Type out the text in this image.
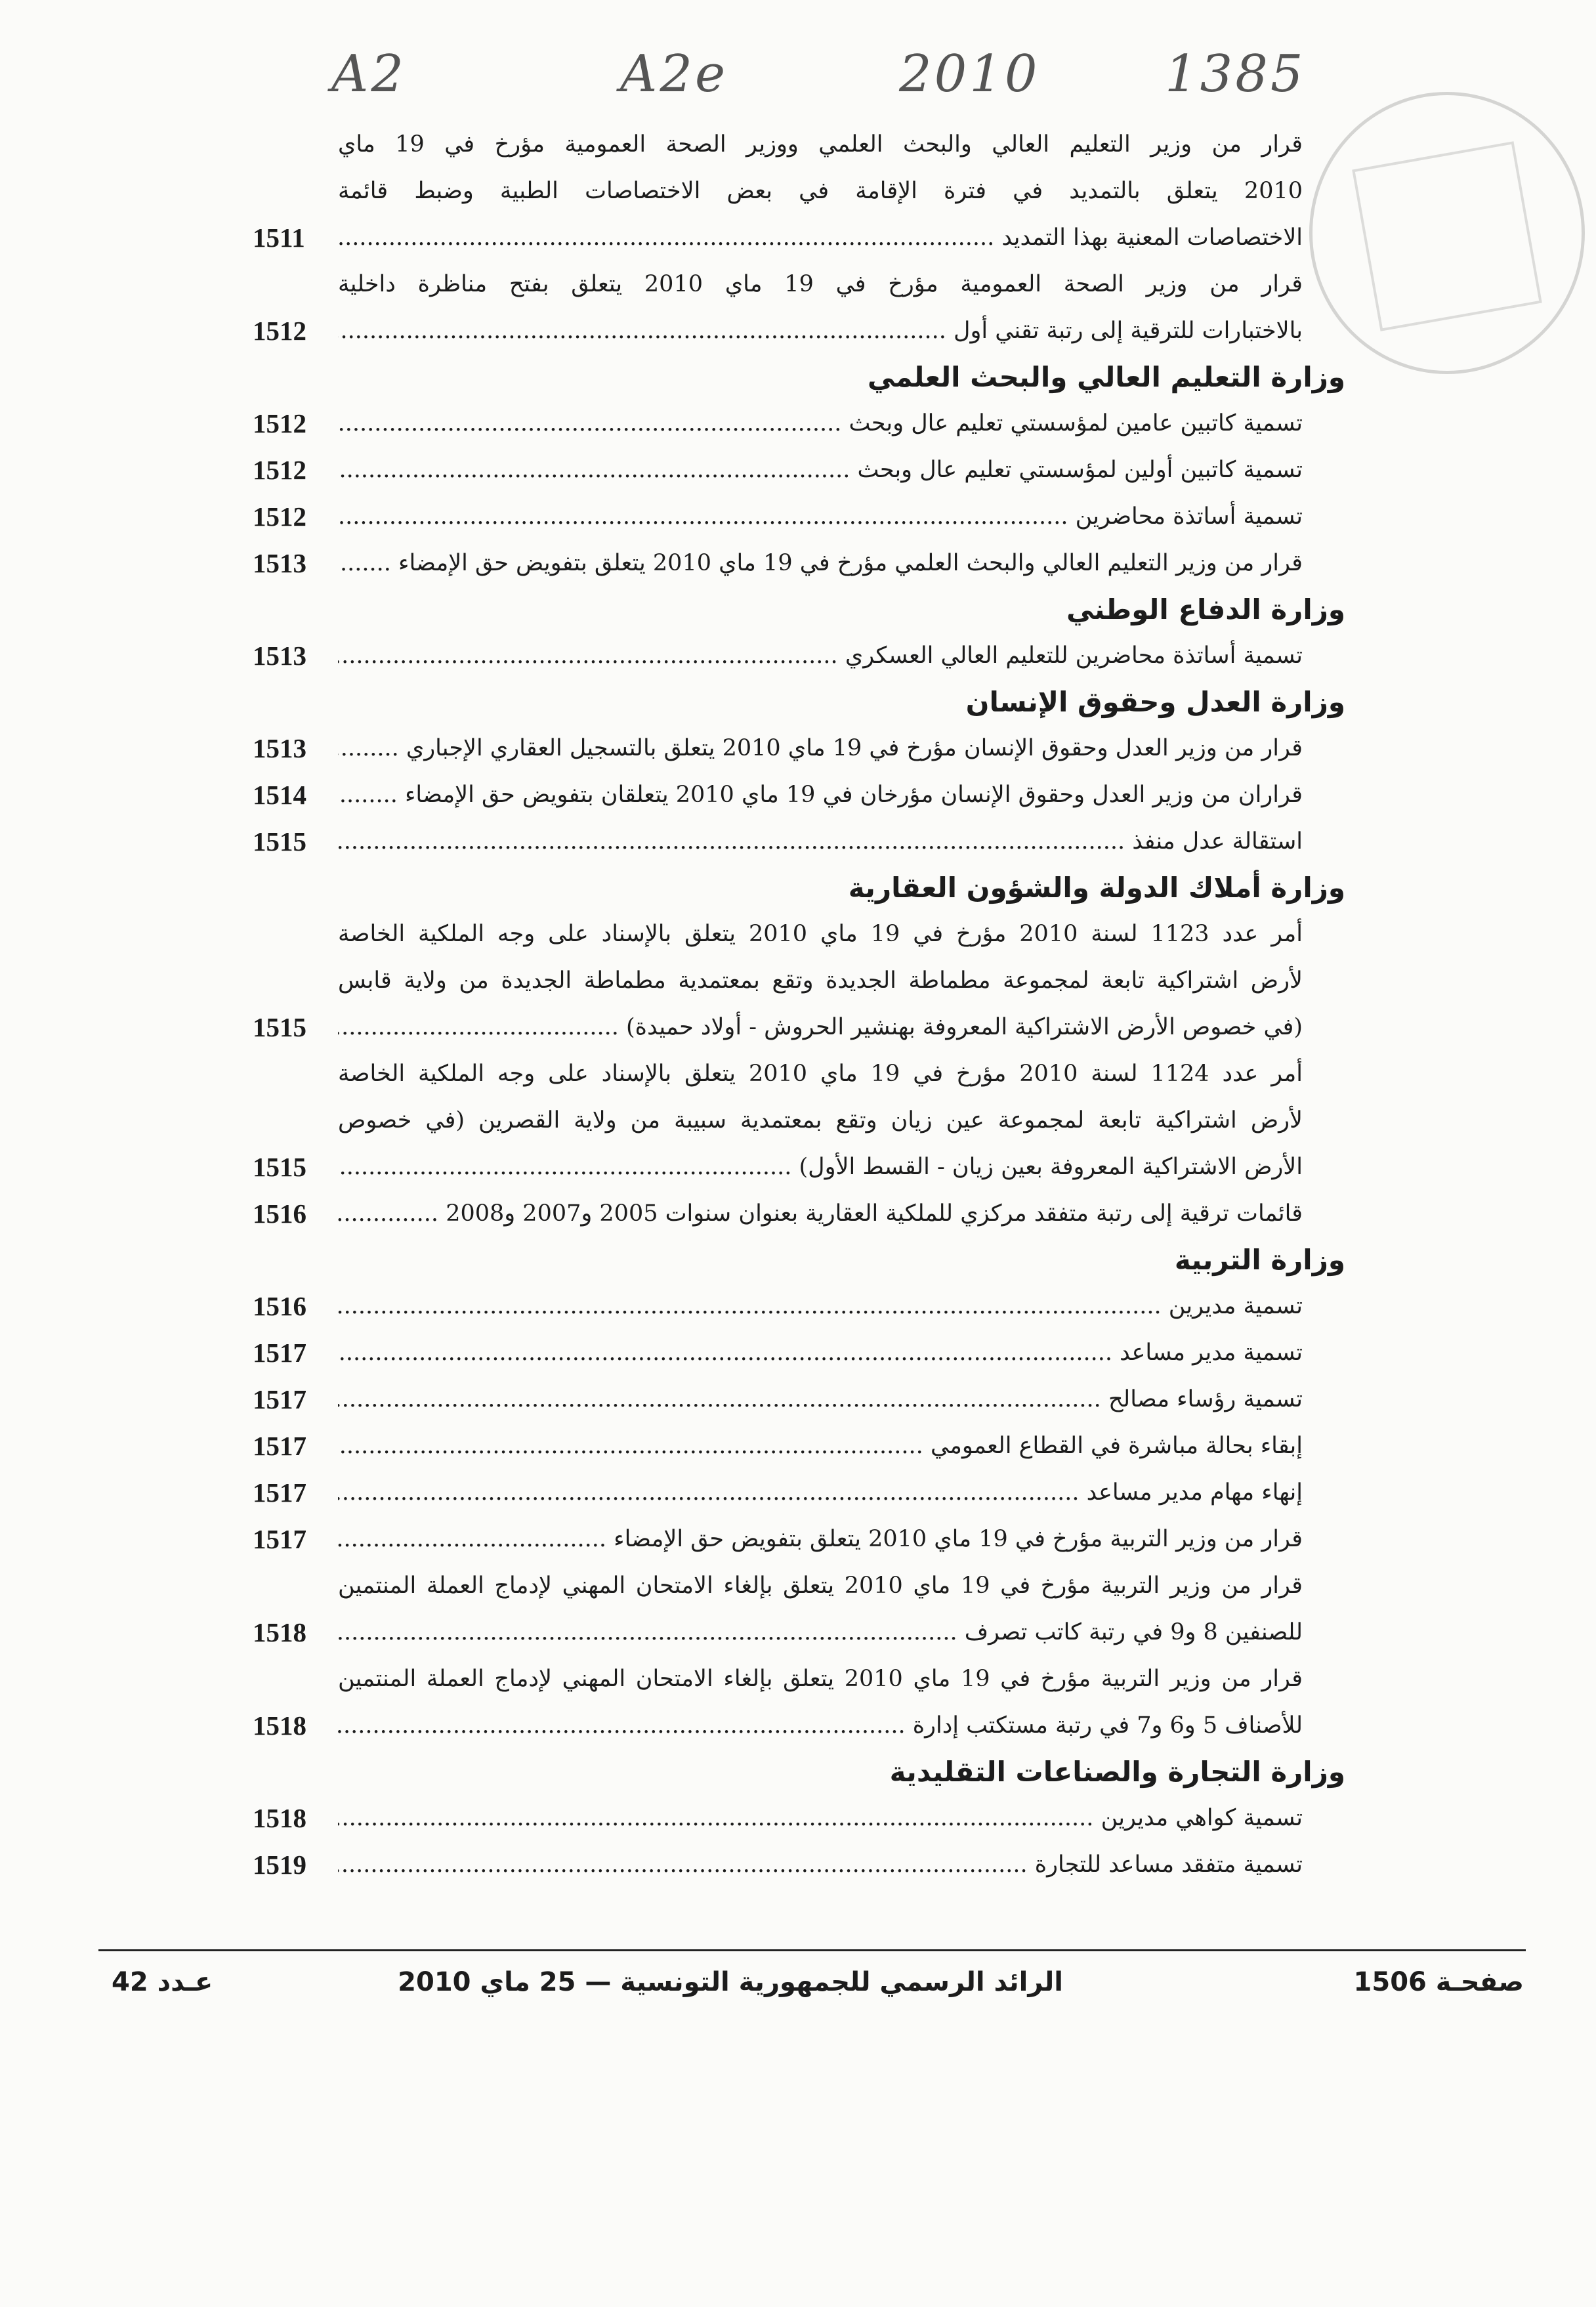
A2	A2e	2010 1385
1511
قرار من وزير التعليم العالي والبحث العلمي ووزير الصحة العمومية مؤرخ في 19 ماي
2010 يتعلق بالتمديد في فترة الإقامة في بعض الاختصاصات الطبية وضبط قائمة
الاختصاصات المعنية بهذا التمديد .....
1512
قرار من وزير الصحة العمومية مؤرخ في 19 ماي 2010 يتعلق بفتح مناظرة داخلية
بالاختبارات للترقية إلى رتبة تقني أول .....
وزارة التعليم العالي والبحث العلمي
1512	تسمية كاتبين عامين لمؤسستي تعليم عال وبحث .....
1512	تسمية كاتبين أولين لمؤسستي تعليم عال وبحث .....
1512	تسمية أساتذة محاضرين .....
1513	قرار من وزير التعليم العالي والبحث العلمي مؤرخ في 19 ماي 2010 يتعلق بتفويض حق الإمضاء .....
وزارة الدفاع الوطني
1513	تسمية أساتذة محاضرين للتعليم العالي العسكري .....
وزارة العدل وحقوق الإنسان
1513	قرار من وزير العدل وحقوق الإنسان مؤرخ في 19 ماي 2010 يتعلق بالتسجيل العقاري الإجباري .....
1514	قراران من وزير العدل وحقوق الإنسان مؤرخان في 19 ماي 2010 يتعلقان بتفويض حق الإمضاء .....
1515	استقالة عدل منفذ .....
وزارة أملاك الدولة والشؤون العقارية
1515
أمر عدد 1123 لسنة 2010 مؤرخ في 19 ماي 2010 يتعلق بالإسناد على وجه الملكية الخاصة
لأرض اشتراكية تابعة لمجموعة مطماطة الجديدة وتقع بمعتمدية مطماطة الجديدة من ولاية قابس
(في خصوص الأرض الاشتراكية المعروفة بهنشير الحروش - أولاد حميدة) .....
1515
أمر عدد 1124 لسنة 2010 مؤرخ في 19 ماي 2010 يتعلق بالإسناد على وجه الملكية الخاصة
لأرض اشتراكية تابعة لمجموعة عين زيان وتقع بمعتمدية سبيبة من ولاية القصرين (في خصوص
الأرض الاشتراكية المعروفة بعين زيان - القسط الأول) .....
1516	قائمات ترقية إلى رتبة متفقد مركزي للملكية العقارية بعنوان سنوات 2005 و2007 و2008 .....
وزارة التربية
1516	تسمية مديرين .....
1517	تسمية مدير مساعد .....
1517	تسمية رؤساء مصالح .....
1517	إبقاء بحالة مباشرة في القطاع العمومي .....
1517	إنهاء مهام مدير مساعد .....
1517	قرار من وزير التربية مؤرخ في 19 ماي 2010 يتعلق بتفويض حق الإمضاء .....
1518
قرار من وزير التربية مؤرخ في 19 ماي 2010 يتعلق بإلغاء الامتحان المهني لإدماج العملة المنتمين
للصنفين 8 و9 في رتبة كاتب تصرف .....
1518
قرار من وزير التربية مؤرخ في 19 ماي 2010 يتعلق بإلغاء الامتحان المهني لإدماج العملة المنتمين
للأصناف 5 و6 و7 في رتبة مستكتب إدارة .....
وزارة التجارة والصناعات التقليدية
1518	تسمية كواهي مديرين .....
1519	تسمية متفقد مساعد للتجارة .....
صفحـة 1506
الرائد الرسمي للجمهورية التونسية — 25 ماي 2010
عـدد 42
